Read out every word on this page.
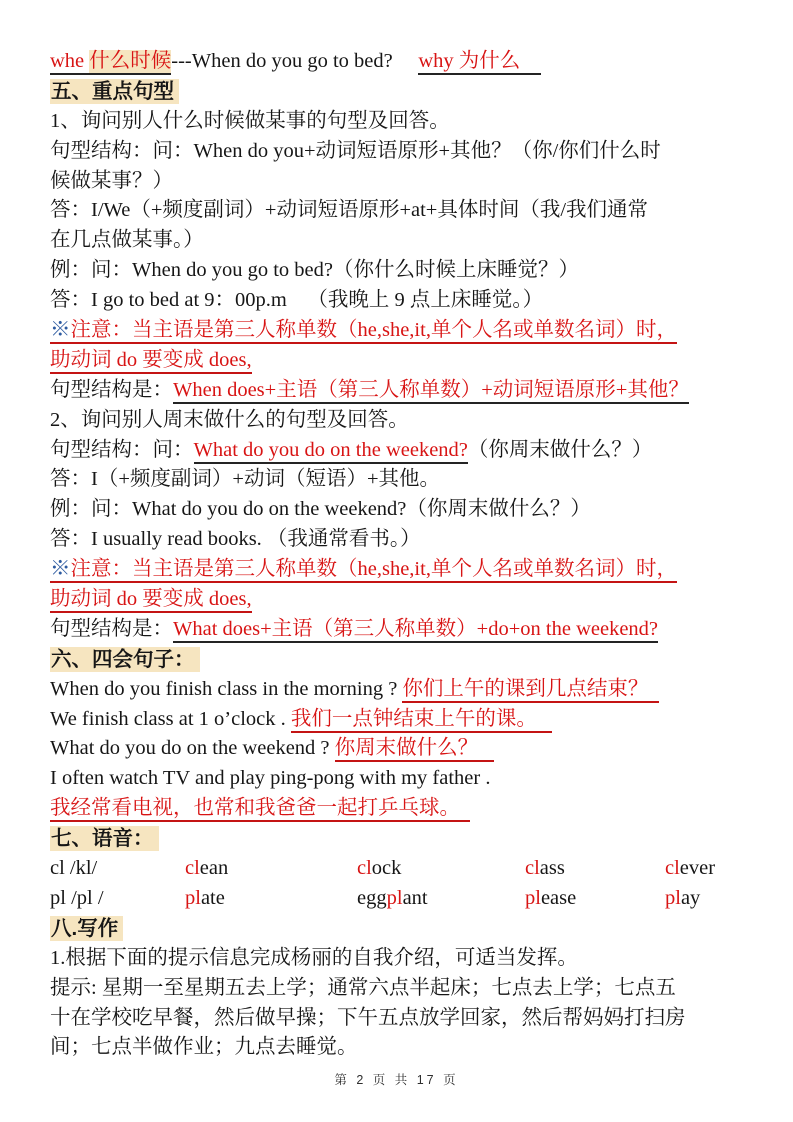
whe 什么时候---When do you go to bed? why 为什么
五、重点句型
1、询问别人什么时候做某事的句型及回答。
句型结构：问：When do you+动词短语原形+其他？（你/你们什么时
候做某事？）
答：I/We（+频度副词）+动词短语原形+at+具体时间（我/我们通常
在几点做某事。）
例：问：When do you go to bed?（你什么时候上床睡觉？）
答：I go to bed at 9：00p.m    （我晚上 9 点上床睡觉。）
※注意：当主语是第三人称单数（he,she,it,单个人名或单数名词）时，
助动词 do 要变成 does,
句型结构是：When does+主语（第三人称单数）+动词短语原形+其他？
2、询问别人周末做什么的句型及回答。
句型结构：问：What do you do on the weekend?（你周末做什么？）
答：I（+频度副词）+动词（短语）+其他。
例：问：What do you do on the weekend?（你周末做什么？）
答：I usually read books. （我通常看书。）
※注意：当主语是第三人称单数（he,she,it,单个人名或单数名词）时，
助动词 do 要变成 does,
句型结构是：What does+主语（第三人称单数）+do+on the weekend?
六、四会句子：
When do you finish class in the morning ? 你们上午的课到几点结束？
We finish class at 1 o’clock . 我们一点钟结束上午的课。
What do you do on the weekend ? 你周末做什么？
I often watch TV and play ping-pong with my father .
我经常看电视，也常和我爸爸一起打乒乓球。
七、语音：
cl /kl/	clean	clock	class	clever
pl /pl /	plate	eggplant	please	play
八.写作
1.根据下面的提示信息完成杨丽的自我介绍，可适当发挥。
提示: 星期一至星期五去上学；通常六点半起床；七点去上学；七点五
十在学校吃早餐，然后做早操；下午五点放学回家，然后帮妈妈打扫房
间；七点半做作业；九点去睡觉。
第 2 页 共 17 页
